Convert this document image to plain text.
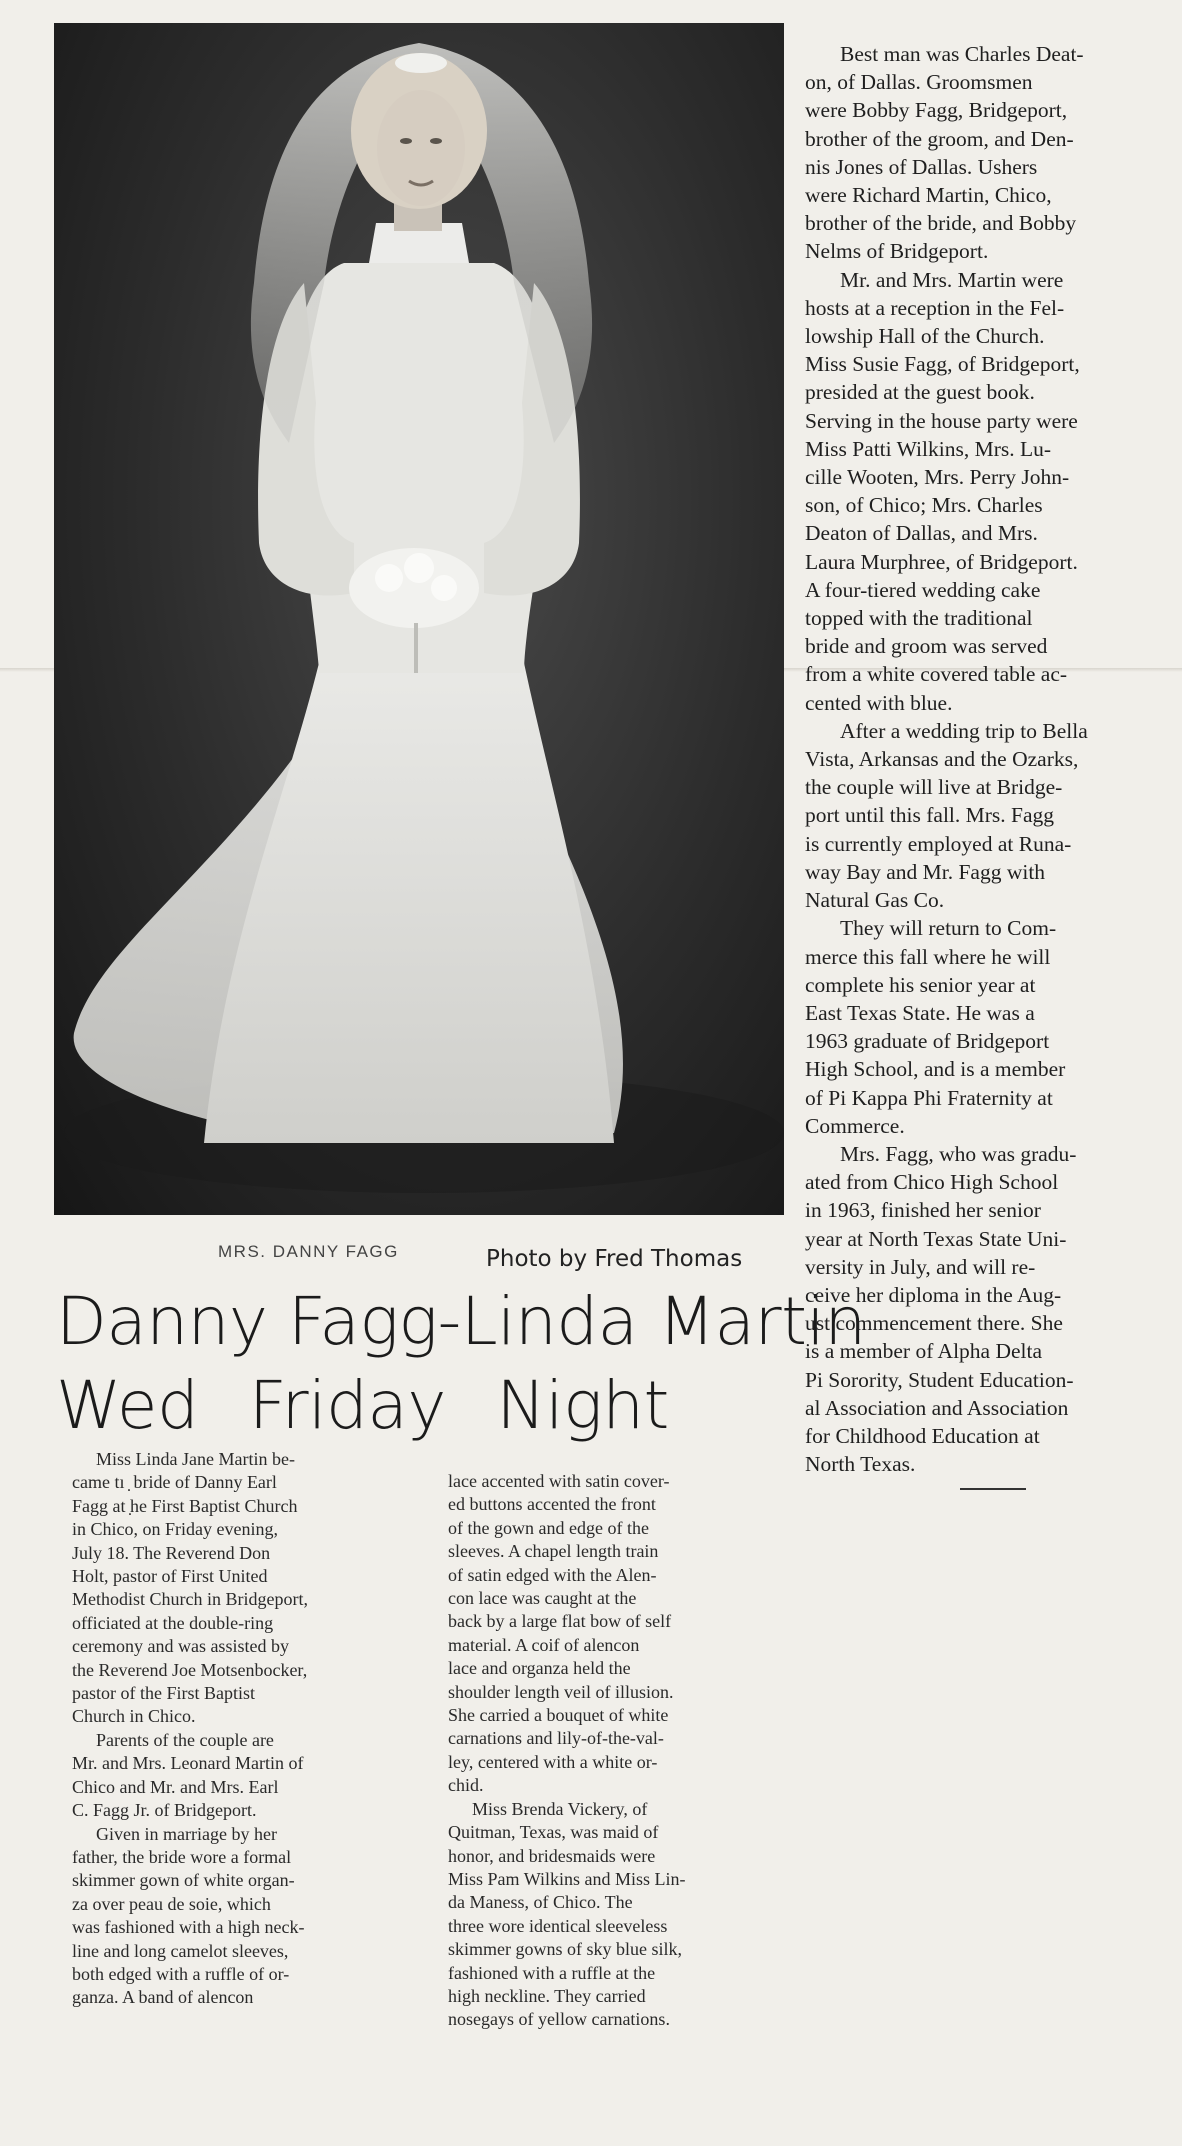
MRS. DANNY FAGG	Photo by Fred Thomas
Danny Fagg-Linda Martin
Wed Friday Night

Miss Linda Jane Martin be-
came tı ̣ bride of Danny Earl
Fagg at ̣he First Baptist Church
in Chico, on Friday evening,
July 18. The Reverend Don
Holt, pastor of First United
Methodist Church in Bridgeport,
officiated at the double-ring
ceremony and was assisted by
the Reverend Joe Motsenbocker,
pastor of the First Baptist
Church in Chico.

Parents of the couple are
Mr. and Mrs. Leonard Martin of
Chico and Mr. and Mrs. Earl
C. Fagg Jr. of Bridgeport.

Given in marriage by her
father, the bride wore a formal
skimmer gown of white organ-
za over peau de soie, which
was fashioned with a high neck-
line and long camelot sleeves,
both edged with a ruffle of or-
ganza. A band of alencon

lace accented with satin cover-
ed buttons accented the front
of the gown and edge of the
sleeves. A chapel length train
of satin edged with the Alen-
con lace was caught at the
back by a large flat bow of self
material. A coif of alencon
lace and organza held the
shoulder length veil of illusion.
She carried a bouquet of white
carnations and lily-of-the-val-
ley, centered with a white or-
chid.

Miss Brenda Vickery, of
Quitman, Texas, was maid of
honor, and bridesmaids were
Miss Pam Wilkins and Miss Lin-
da Maness, of Chico. The
three wore identical sleeveless
skimmer gowns of sky blue silk,
fashioned with a ruffle at the
high neckline. They carried
nosegays of yellow carnations.

Best man was Charles Deat-
on, of Dallas. Groomsmen
were Bobby Fagg, Bridgeport,
brother of the groom, and Den-
nis Jones of Dallas. Ushers
were Richard Martin, Chico,
brother of the bride, and Bobby
Nelms of Bridgeport.

Mr. and Mrs. Martin were
hosts at a reception in the Fel-
lowship Hall of the Church.
Miss Susie Fagg, of Bridgeport,
presided at the guest book.
Serving in the house party were
Miss Patti Wilkins, Mrs. Lu-
cille Wooten, Mrs. Perry John-
son, of Chico; Mrs. Charles
Deaton of Dallas, and Mrs.
Laura Murphree, of Bridgeport.
A four-tiered wedding cake
topped with the traditional
bride and groom was served
from a white covered table ac-
cented with blue.

After a wedding trip to Bella
Vista, Arkansas and the Ozarks,
the couple will live at Bridge-
port until this fall. Mrs. Fagg
is currently employed at Runa-
way Bay and Mr. Fagg with
Natural Gas Co.

They will return to Com-
merce this fall where he will
complete his senior year at
East Texas State. He was a
1963 graduate of Bridgeport
High School, and is a member
of Pi Kappa Phi Fraternity at
Commerce.

Mrs. Fagg, who was gradu-
ated from Chico High School
in 1963, finished her senior
year at North Texas State Uni-
versity in July, and will re-
ceive her diploma in the Aug-
ust commencement there. She
is a member of Alpha Delta
Pi Sorority, Student Education-
al Association and Association
for Childhood Education at
North Texas.
